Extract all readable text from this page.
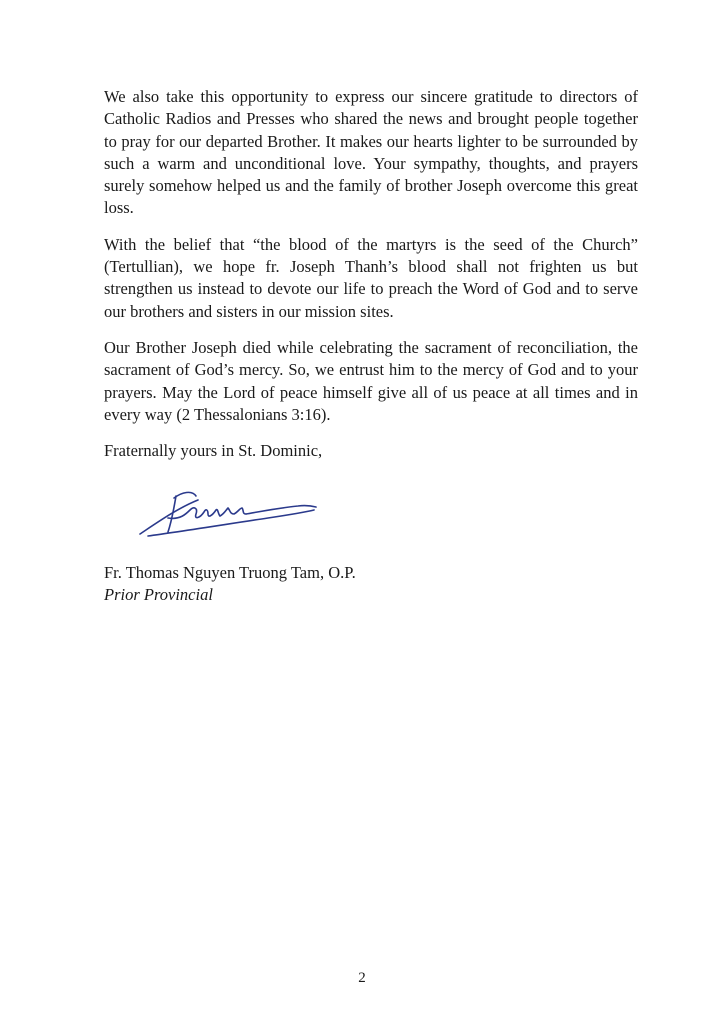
We also take this opportunity to express our sincere gratitude to directors of Catholic Radios and Presses who shared the news and brought people together to pray for our departed Brother. It makes our hearts lighter to be surrounded by such a warm and unconditional love. Your sympathy, thoughts, and prayers surely somehow helped us and the family of brother Joseph overcome this great loss.

With the belief that “the blood of the martyrs is the seed of the Church” (Tertullian), we hope fr. Joseph Thanh’s blood shall not frighten us but strengthen us instead to devote our life to preach the Word of God and to serve our brothers and sisters in our mission sites.

Our Brother Joseph died while celebrating the sacrament of reconciliation, the sacrament of God’s mercy. So, we entrust him to the mercy of God and to your prayers. May the Lord of peace himself give all of us peace at all times and in every way (2 Thessalonians 3:16).

Fraternally yours in St. Dominic,

Fr. Thomas Nguyen Truong Tam, O.P.
Prior Provincial
2
